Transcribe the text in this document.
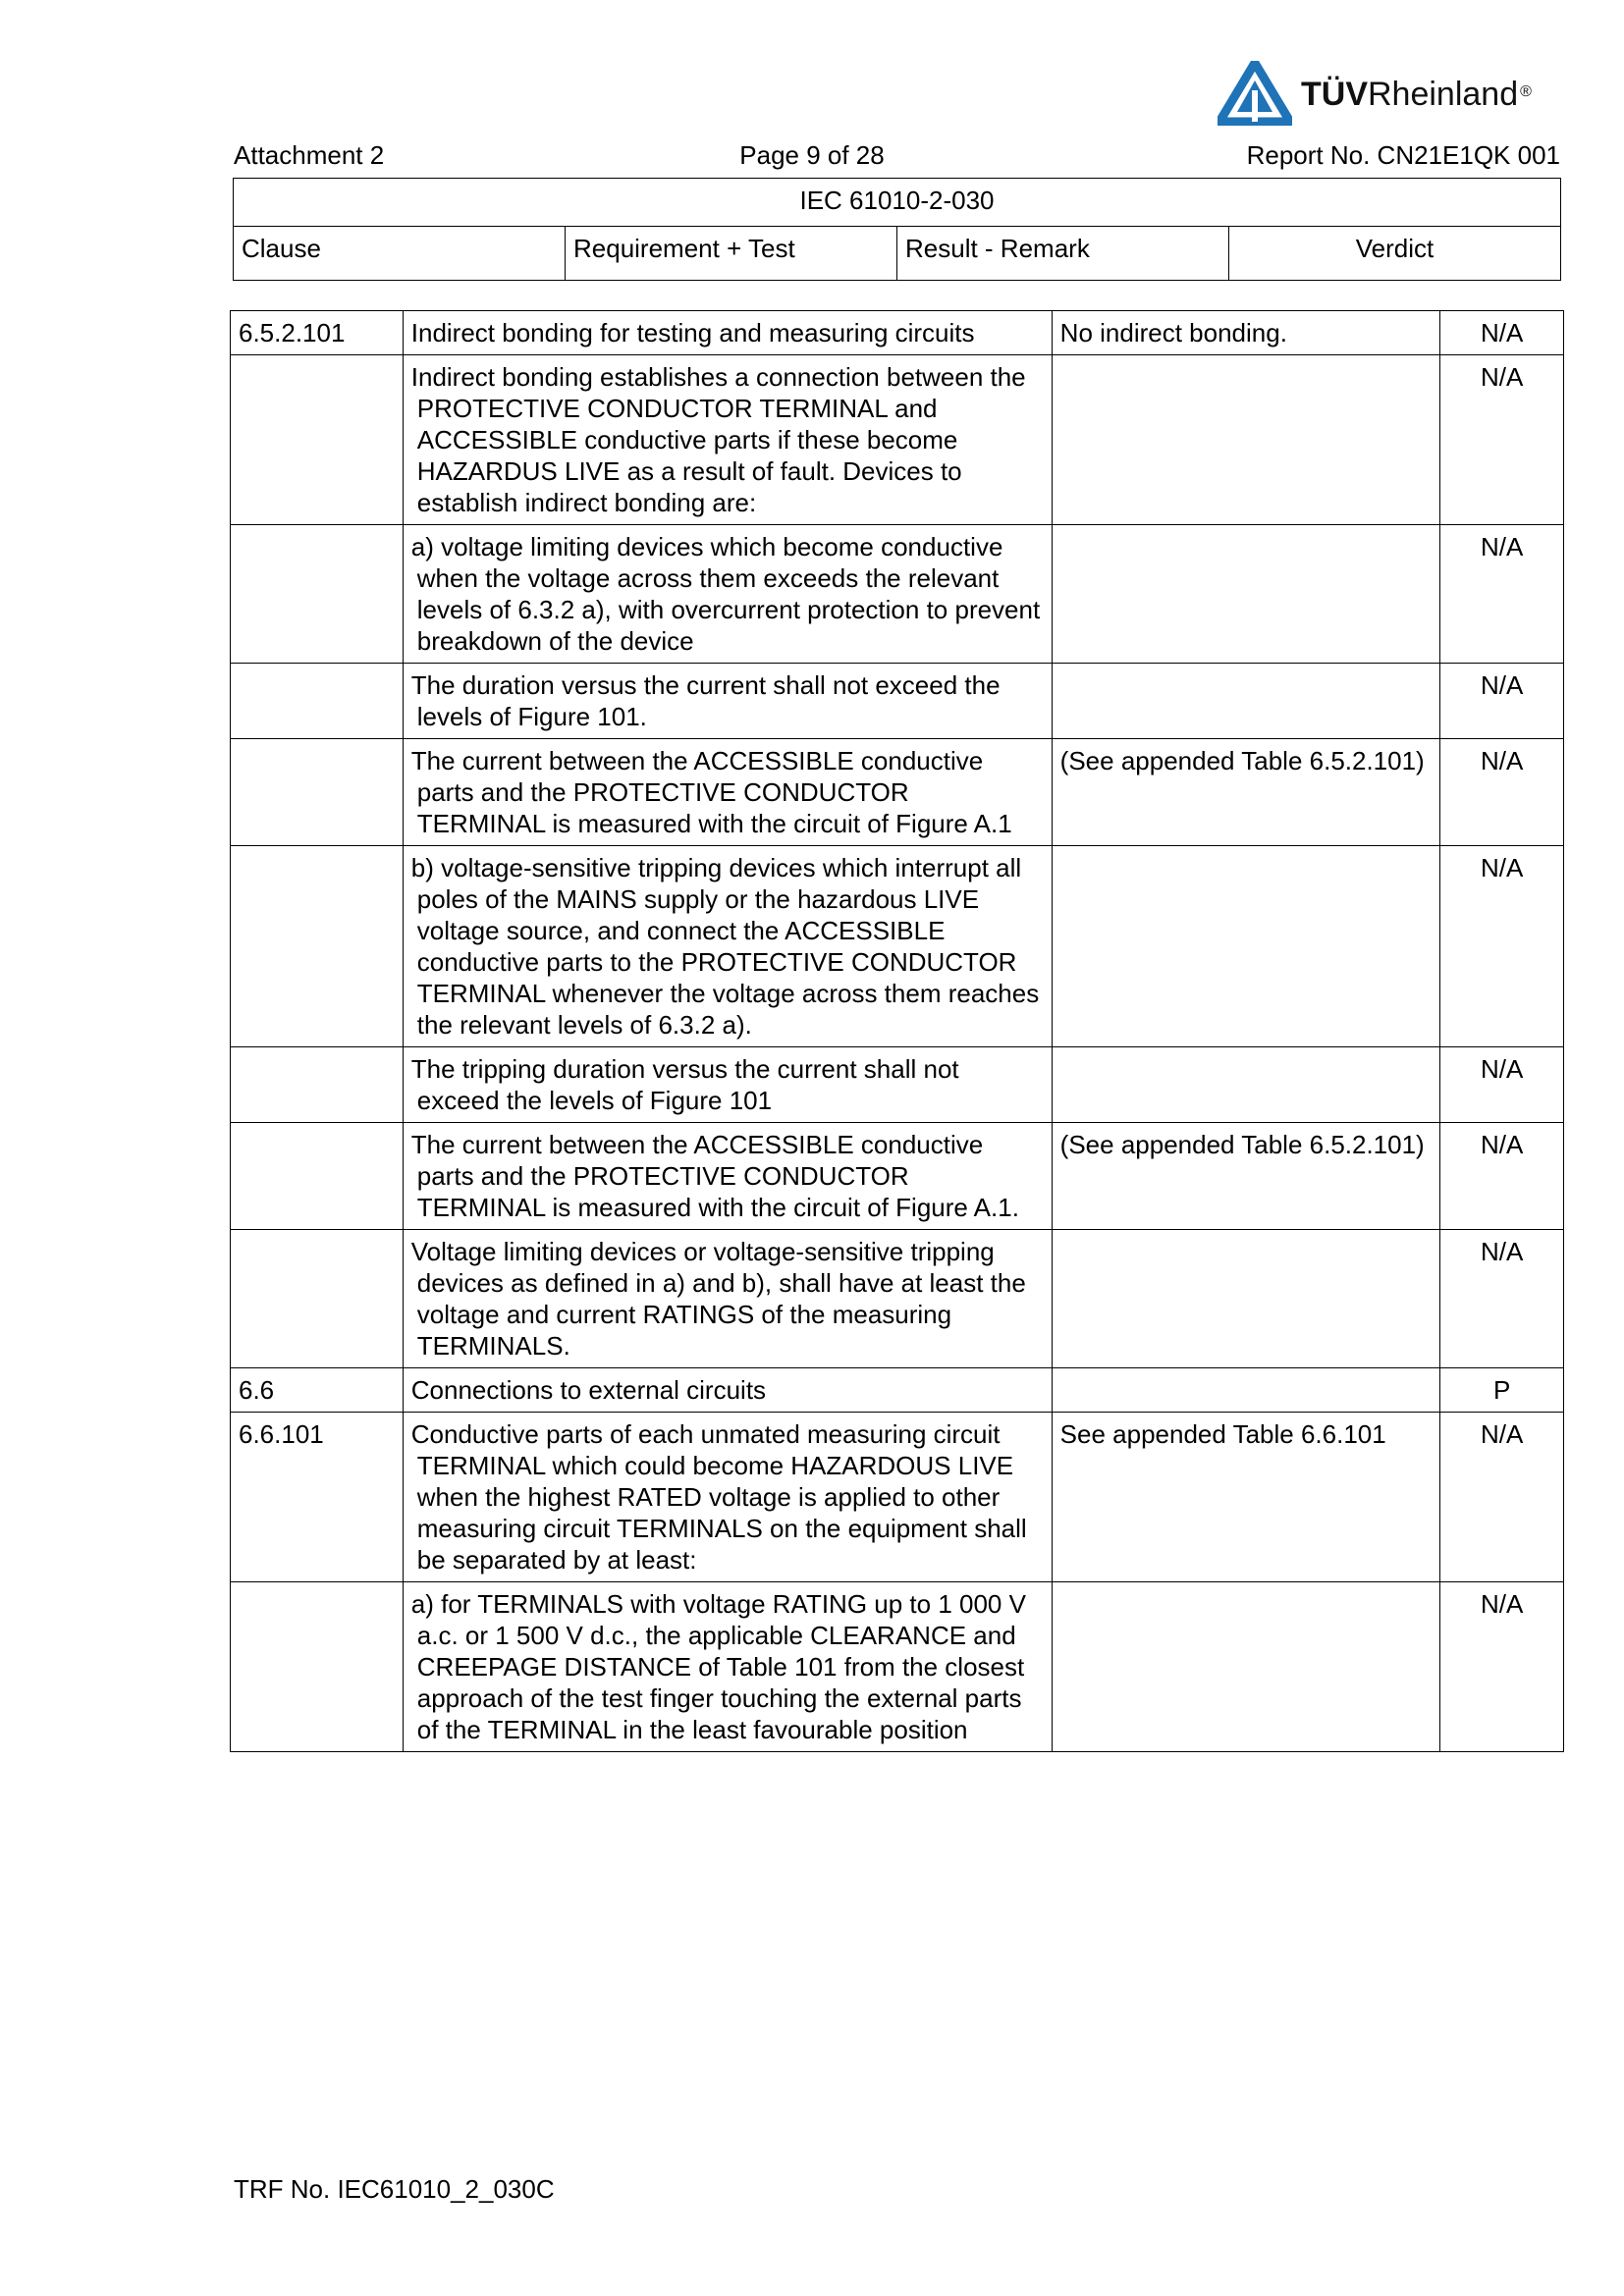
TÜVRheinland ®
Attachment 2	Page 9 of 28	Report No. CN21E1QK 001
IEC 61010-2-030
Clause	Requirement + Test	Result - Remark	Verdict
6.5.2.101	Indirect bonding for testing and measuring circuits	No indirect bonding.	N/A

	Indirect bonding establishes a connection between the PROTECTIVE CONDUCTOR TERMINAL and ACCESSIBLE conductive parts if these become HAZARDUS LIVE as a result of fault. Devices to establish indirect bonding are:		N/A

	a) voltage limiting devices which become conductive when the voltage across them exceeds the relevant levels of 6.3.2 a), with overcurrent protection to prevent breakdown of the device		N/A

	The duration versus the current shall not exceed the levels of Figure 101.		N/A

	The current between the ACCESSIBLE conductive parts and the PROTECTIVE CONDUCTOR TERMINAL is measured with the circuit of Figure A.1	(See appended Table 6.5.2.101)	N/A

	b) voltage-sensitive tripping devices which interrupt all poles of the MAINS supply or the hazardous LIVE voltage source, and connect the ACCESSIBLE conductive parts to the PROTECTIVE CONDUCTOR TERMINAL whenever the voltage across them reaches the relevant levels of 6.3.2 a).		N/A

	The tripping duration versus the current shall not exceed the levels of Figure 101		N/A

	The current between the ACCESSIBLE conductive parts and the PROTECTIVE CONDUCTOR TERMINAL is measured with the circuit of Figure A.1.	(See appended Table 6.5.2.101)	N/A

	Voltage limiting devices or voltage-sensitive tripping devices as defined in a) and b), shall have at least the voltage and current RATINGS of the measuring TERMINALS.		N/A
6.6	Connections to external circuits		P
6.6.101	Conductive parts of each unmated measuring circuit TERMINAL which could become HAZARDOUS LIVE when the highest RATED voltage is applied to other measuring circuit TERMINALS on the equipment shall be separated by at least:	See appended Table 6.6.101	N/A

	a) for TERMINALS with voltage RATING up to 1 000 V a.c. or 1 500 V d.c., the applicable CLEARANCE and CREEPAGE DISTANCE of Table 101 from the closest approach of the test finger touching the external parts of the TERMINAL in the least favourable position		N/A
TRF No. IEC61010_2_030C
